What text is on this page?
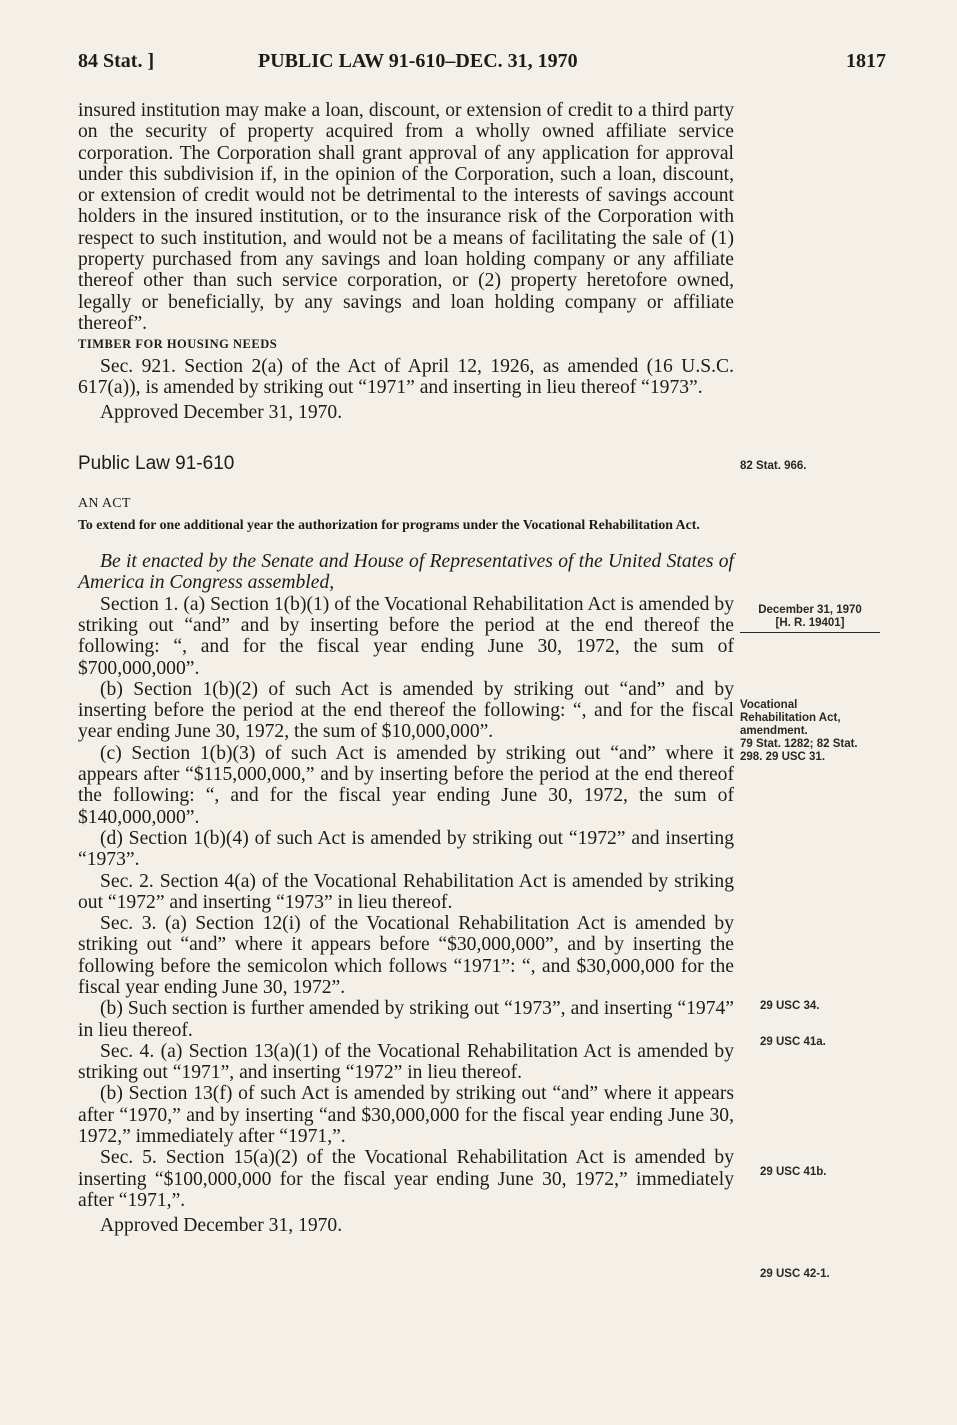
84 Stat. ]	PUBLIC LAW 91-610–DEC. 31, 1970	1817

insured institution may make a loan, discount, or extension of credit to a third party on the security of property acquired from a wholly owned affiliate service corporation. The Corporation shall grant approval of any application for approval under this subdivision if, in the opinion of the Corporation, such a loan, discount, or extension of credit would not be detrimental to the interests of savings account holders in the insured institution, or to the insurance risk of the Corporation with respect to such institution, and would not be a means of facilitating the sale of (1) property purchased from any savings and loan holding company or any affiliate thereof other than such service corporation, or (2) property heretofore owned, legally or beneficially, by any savings and loan holding company or affiliate thereof”.

TIMBER FOR HOUSING NEEDS

Sec. 921. Section 2(a) of the Act of April 12, 1926, as amended (16 U.S.C. 617(a)), is amended by striking out “1971” and inserting in lieu thereof “1973”.

Approved December 31, 1970.

Public Law 91-610

AN ACT

To extend for one additional year the authorization for programs under the Vocational Rehabilitation Act.

Be it enacted by the Senate and House of Representatives of the United States of America in Congress assembled,

Section 1. (a) Section 1(b)(1) of the Vocational Rehabilitation Act is amended by striking out “and” and by inserting before the period at the end thereof the following: “, and for the fiscal year ending June 30, 1972, the sum of $700,000,000”.

(b) Section 1(b)(2) of such Act is amended by striking out “and” and by inserting before the period at the end thereof the following: “, and for the fiscal year ending June 30, 1972, the sum of $10,000,000”.

(c) Section 1(b)(3) of such Act is amended by striking out “and” where it appears after “$115,000,000,” and by inserting before the period at the end thereof the following: “, and for the fiscal year ending June 30, 1972, the sum of $140,000,000”.

(d) Section 1(b)(4) of such Act is amended by striking out “1972” and inserting “1973”.

Sec. 2. Section 4(a) of the Vocational Rehabilitation Act is amended by striking out “1972” and inserting “1973” in lieu thereof.

Sec. 3. (a) Section 12(i) of the Vocational Rehabilitation Act is amended by striking out “and” where it appears before “$30,000,000”, and by inserting the following before the semicolon which follows “1971”: “, and $30,000,000 for the fiscal year ending June 30, 1972”.

(b) Such section is further amended by striking out “1973”, and inserting “1974” in lieu thereof.

Sec. 4. (a) Section 13(a)(1) of the Vocational Rehabilitation Act is amended by striking out “1971”, and inserting “1972” in lieu thereof.

(b) Section 13(f) of such Act is amended by striking out “and” where it appears after “1970,” and by inserting “and $30,000,000 for the fiscal year ending June 30, 1972,” immediately after “1971,”.

Sec. 5. Section 15(a)(2) of the Vocational Rehabilitation Act is amended by inserting “$100,000,000 for the fiscal year ending June 30, 1972,” immediately after “1971,”.

Approved December 31, 1970.

82 Stat. 966.
December 31, 1970
[H. R. 19401]
Vocational Rehabilitation Act, amendment.
79 Stat. 1282; 82 Stat. 298. 29 USC 31.
29 USC 34.
29 USC 41a.
29 USC 41b.
29 USC 42-1.
